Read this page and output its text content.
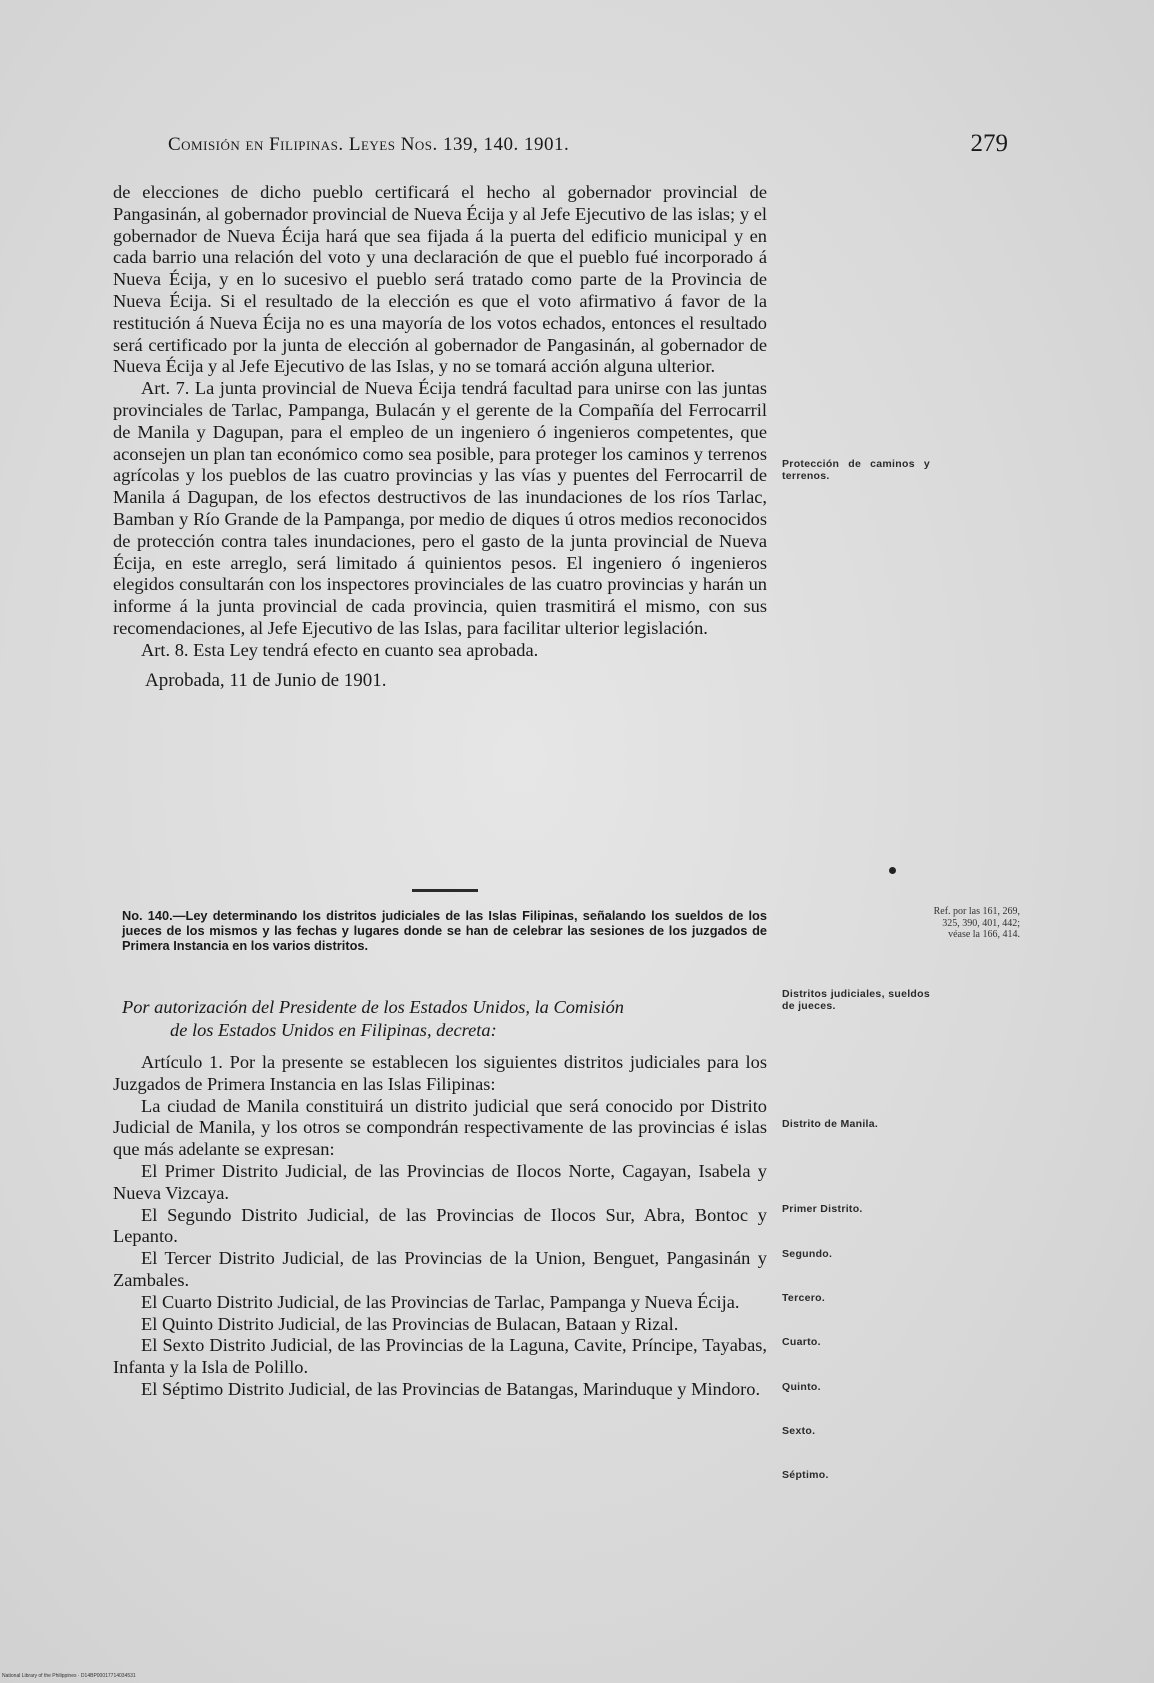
Comisión en Filipinas. Leyes Nos. 139, 140. 1901.	279

de elecciones de dicho pueblo certificará el hecho al gobernador provincial de Pangasinán, al gobernador provincial de Nueva Écija y al Jefe Ejecutivo de las islas; y el gobernador de Nueva Écija hará que sea fijada á la puerta del edificio municipal y en cada barrio una relación del voto y una declaración de que el pueblo fué incorporado á Nueva Écija, y en lo sucesivo el pueblo será tratado como parte de la Provincia de Nueva Écija. Si el resultado de la elección es que el voto afirmativo á favor de la restitución á Nueva Écija no es una mayoría de los votos echados, entonces el resultado será certificado por la junta de elección al gobernador de Pangasinán, al gobernador de Nueva Écija y al Jefe Ejecutivo de las Islas, y no se tomará acción alguna ulterior.

Art. 7. La junta provincial de Nueva Écija tendrá facultad para unirse con las juntas provinciales de Tarlac, Pampanga, Bulacán y el gerente de la Compañía del Ferrocarril de Manila y Dagupan, para el empleo de un ingeniero ó ingenieros competentes, que aconsejen un plan tan económico como sea posible, para proteger los caminos y terrenos agrícolas y los pueblos de las cuatro provincias y las vías y puentes del Ferrocarril de Manila á Dagupan, de los efectos destructivos de las inundaciones de los ríos Tarlac, Bamban y Río Grande de la Pampanga, por medio de diques ú otros medios reconocidos de protección contra tales inundaciones, pero el gasto de la junta provincial de Nueva Écija, en este arreglo, será limitado á quinientos pesos. El ingeniero ó ingenieros elegidos consultarán con los inspectores provinciales de las cuatro provincias y harán un informe á la junta provincial de cada provincia, quien trasmitirá el mismo, con sus recomendaciones, al Jefe Ejecutivo de las Islas, para facilitar ulterior legislación.

Art. 8. Esta Ley tendrá efecto en cuanto sea aprobada.

Aprobada, 11 de Junio de 1901.

No. 140.—Ley determinando los distritos judiciales de las Islas Filipinas, señalando los sueldos de los jueces de los mismos y las fechas y lugares donde se han de celebrar las sesiones de los juzgados de Primera Instancia en los varios distritos.
Por autorización del Presidente de los Estados Unidos, la Comisión
de los Estados Unidos en Filipinas, decreta:

Artículo 1. Por la presente se establecen los siguientes distritos judiciales para los Juzgados de Primera Instancia en las Islas Filipinas:

La ciudad de Manila constituirá un distrito judicial que será conocido por Distrito Judicial de Manila, y los otros se compondrán respectivamente de las provincias é islas que más adelante se expresan:

El Primer Distrito Judicial, de las Provincias de Ilocos Norte, Cagayan, Isabela y Nueva Vizcaya.

El Segundo Distrito Judicial, de las Provincias de Ilocos Sur, Abra, Bontoc y Lepanto.

El Tercer Distrito Judicial, de las Provincias de la Union, Benguet, Pangasinán y Zambales.

El Cuarto Distrito Judicial, de las Provincias de Tarlac, Pampanga y Nueva Écija.

El Quinto Distrito Judicial, de las Provincias de Bulacan, Bataan y Rizal.

El Sexto Distrito Judicial, de las Provincias de la Laguna, Cavite, Príncipe, Tayabas, Infanta y la Isla de Polillo.

El Séptimo Distrito Judicial, de las Provincias de Batangas, Marinduque y Mindoro.

Protección de caminos y terrenos.
Ref. por las 161, 269, 325, 390, 401, 442; véase la 166, 414.
Distritos judiciales, sueldos de jueces.
Distrito de Manila.
Primer Distrito.
Segundo.
Tercero.
Cuarto.
Quinto.
Sexto.
Séptimo.
National Library of the Philippines · D14BP00017714034531
